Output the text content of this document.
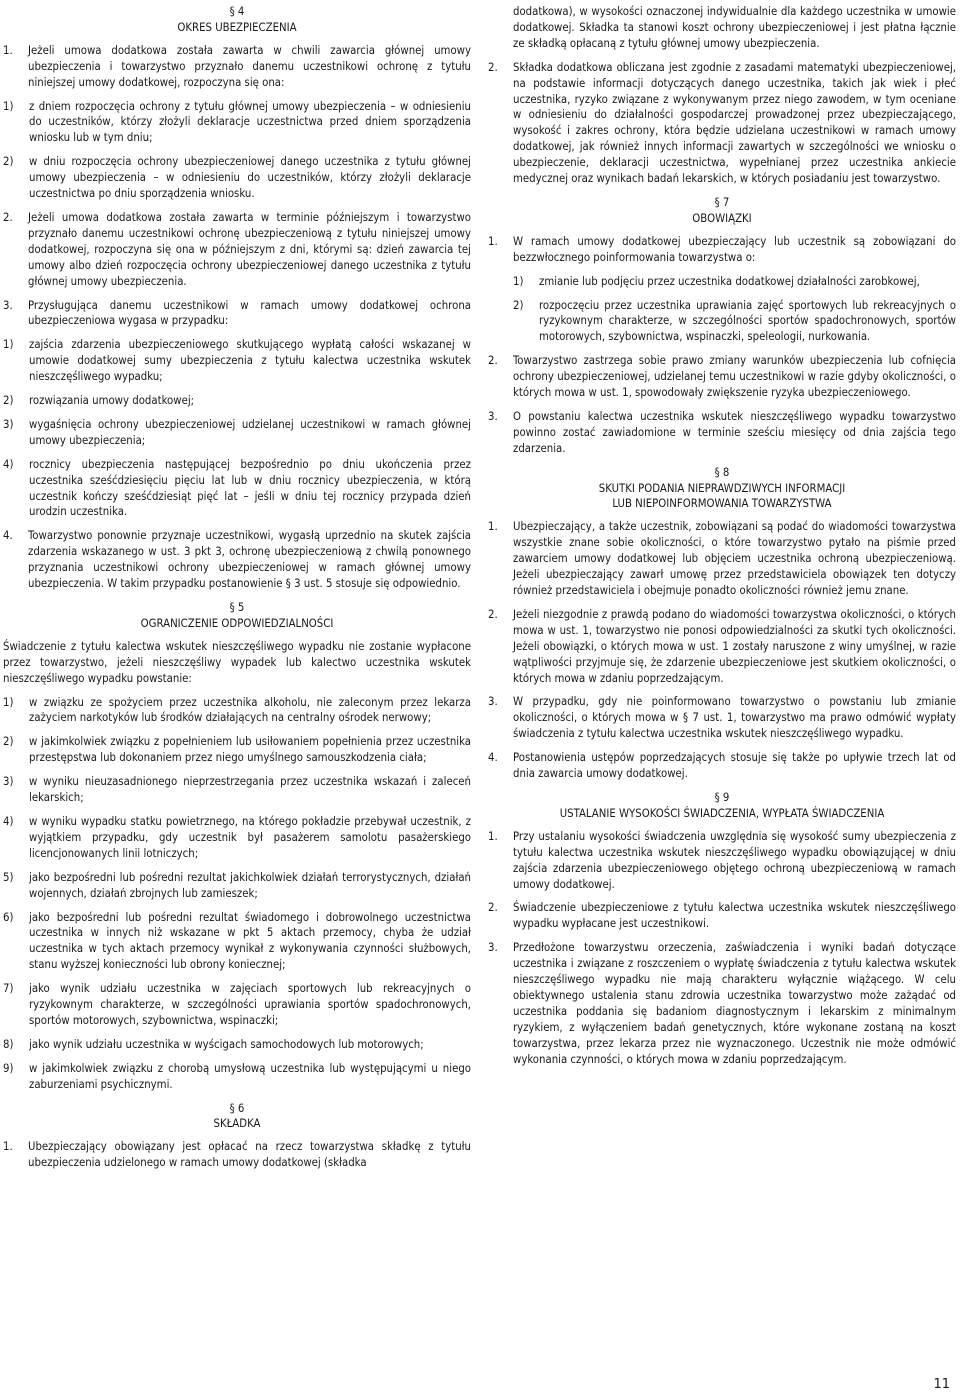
§ 4
OKRES UBEZPIECZENIA
1. Jeżeli umowa dodatkowa została zawarta w chwili zawarcia głównej umowy ubezpieczenia i towarzystwo przyznało danemu uczestnikowi ochronę z tytułu niniejszej umowy dodatkowej, rozpoczyna się ona:
1) z dniem rozpoczęcia ochrony z tytułu głównej umowy ubezpieczenia – w odniesieniu do uczestników, którzy złożyli deklaracje uczestnictwa przed dniem sporządzenia wniosku lub w tym dniu;
2) w dniu rozpoczęcia ochrony ubezpieczeniowej danego uczestnika z tytułu głównej umowy ubezpieczenia – w odniesieniu do uczestników, którzy złożyli deklaracje uczestnictwa po dniu sporządzenia wniosku.
2. Jeżeli umowa dodatkowa została zawarta w terminie późniejszym i towarzystwo przyznało danemu uczestnikowi ochronę ubezpieczeniową z tytułu niniejszej umowy dodatkowej, rozpoczyna się ona w późniejszym z dni, którymi są: dzień zawarcia tej umowy albo dzień rozpoczęcia ochrony ubezpieczeniowej danego uczestnika z tytułu głównej umowy ubezpieczenia.
3. Przysługująca danemu uczestnikowi w ramach umowy dodatkowej ochrona ubezpieczeniowa wygasa w przypadku:
1) zajścia zdarzenia ubezpieczeniowego skutkującego wypłatą całości wskazanej w umowie dodatkowej sumy ubezpieczenia z tytułu kalectwa uczestnika wskutek nieszczęśliwego wypadku;
2) rozwiązania umowy dodatkowej;
3) wygaśnięcia ochrony ubezpieczeniowej udzielanej uczestnikowi w ramach głównej umowy ubezpieczenia;
4) rocznicy ubezpieczenia następującej bezpośrednio po dniu ukończenia przez uczestnika sześćdziesięciu pięciu lat lub w dniu rocznicy ubezpieczenia, w którą uczestnik kończy sześćdziesiąt pięć lat – jeśli w dniu tej rocznicy przypada dzień urodzin uczestnika.
4. Towarzystwo ponownie przyznaje uczestnikowi, wygasłą uprzednio na skutek zajścia zdarzenia wskazanego w ust. 3 pkt 3, ochronę ubezpieczeniową z chwilą ponownego przyznania uczestnikowi ochrony ubezpieczeniowej w ramach głównej umowy ubezpieczenia. W takim przypadku postanowienie § 3 ust. 5 stosuje się odpowiednio.
§ 5
OGRANICZENIE ODPOWIEDZIALNOŚCI
Świadczenie z tytułu kalectwa wskutek nieszczęśliwego wypadku nie zostanie wypłacone przez towarzystwo, jeżeli nieszczęśliwy wypadek lub kalectwo uczestnika wskutek nieszczęśliwego wypadku powstanie:
1) w związku ze spożyciem przez uczestnika alkoholu, nie zaleconym przez lekarza zażyciem narkotyków lub środków działających na centralny ośrodek nerwowy;
2) w jakimkolwiek związku z popełnieniem lub usiłowaniem popełnienia przez uczestnika przestępstwa lub dokonaniem przez niego umyślnego samouszkodzenia ciała;
3) w wyniku nieuzasadnionego nieprzestrzegania przez uczestnika wskazań i zaleceń lekarskich;
4) w wyniku wypadku statku powietrznego, na którego pokładzie przebywał uczestnik, z wyjątkiem przypadku, gdy uczestnik był pasażerem samolotu pasażerskiego licencjonowanych linii lotniczych;
5) jako bezpośredni lub pośredni rezultat jakichkolwiek działań terrorystycznych, działań wojennych, działań zbrojnych lub zamieszek;
6) jako bezpośredni lub pośredni rezultat świadomego i dobrowolnego uczestnictwa uczestnika w innych niż wskazane w pkt 5 aktach przemocy, chyba że udział uczestnika w tych aktach przemocy wynikał z wykonywania czynności służbowych, stanu wyższej konieczności lub obrony koniecznej;
7) jako wynik udziału uczestnika w zajęciach sportowych lub rekreacyjnych o ryzykownym charakterze, w szczególności uprawiania sportów spadochronowych, sportów motorowych, szybownictwa, wspinaczki;
8) jako wynik udziału uczestnika w wyścigach samochodowych lub motorowych;
9) w jakimkolwiek związku z chorobą umysłową uczestnika lub występującymi u niego zaburzeniami psychicznymi.
§ 6
SKŁADKA
1. Ubezpieczający obowiązany jest opłacać na rzecz towarzystwa składkę z tytułu ubezpieczenia udzielonego w ramach umowy dodatkowej (składka
dodatkowa), w wysokości oznaczonej indywidualnie dla każdego uczestnika w umowie dodatkowej. Składka ta stanowi koszt ochrony ubezpieczeniowej i jest płatna łącznie ze składką opłacaną z tytułu głównej umowy ubezpieczenia.
2. Składka dodatkowa obliczana jest zgodnie z zasadami matematyki ubezpieczeniowej, na podstawie informacji dotyczących danego uczestnika, takich jak wiek i płeć uczestnika, ryzyko związane z wykonywanym przez niego zawodem, w tym oceniane w odniesieniu do działalności gospodarczej prowadzonej przez ubezpieczającego, wysokość i zakres ochrony, która będzie udzielana uczestnikowi w ramach umowy dodatkowej, jak również innych informacji zawartych w szczególności we wniosku o ubezpieczenie, deklaracji uczestnictwa, wypełnianej przez uczestnika ankiecie medycznej oraz wynikach badań lekarskich, w których posiadaniu jest towarzystwo.
§ 7
OBOWIĄZKI
1. W ramach umowy dodatkowej ubezpieczający lub uczestnik są zobowiązani do bezzwłocznego poinformowania towarzystwa o:
1) zmianie lub podjęciu przez uczestnika dodatkowej działalności zarobkowej,
2) rozpoczęciu przez uczestnika uprawiania zajęć sportowych lub rekreacyjnych o ryzykownym charakterze, w szczególności sportów spadochronowych, sportów motorowych, szybownictwa, wspinaczki, speleologii, nurkowania.
2. Towarzystwo zastrzega sobie prawo zmiany warunków ubezpieczenia lub cofnięcia ochrony ubezpieczeniowej, udzielanej temu uczestnikowi w razie gdyby okoliczności, o których mowa w ust. 1, spowodowały zwiększenie ryzyka ubezpieczeniowego.
3. O powstaniu kalectwa uczestnika wskutek nieszczęśliwego wypadku towarzystwo powinno zostać zawiadomione w terminie sześciu miesięcy od dnia zajścia tego zdarzenia.
§ 8
SKUTKI PODANIA NIEPRAWDZIWYCH INFORMACJI
LUB NIEPOINFORMOWANIA TOWARZYSTWA
1. Ubezpieczający, a także uczestnik, zobowiązani są podać do wiadomości towarzystwa wszystkie znane sobie okoliczności, o które towarzystwo pytało na piśmie przed zawarciem umowy dodatkowej lub objęciem uczestnika ochroną ubezpieczeniową. Jeżeli ubezpieczający zawarł umowę przez przedstawiciela obowiązek ten dotyczy również przedstawiciela i obejmuje ponadto okoliczności również jemu znane.
2. Jeżeli niezgodnie z prawdą podano do wiadomości towarzystwa okoliczności, o których mowa w ust. 1, towarzystwo nie ponosi odpowiedzialności za skutki tych okoliczności. Jeżeli obowiązki, o których mowa w ust. 1 zostały naruszone z winy umyślnej, w razie wątpliwości przyjmuje się, że zdarzenie ubezpieczeniowe jest skutkiem okoliczności, o których mowa w zdaniu poprzedzającym.
3. W przypadku, gdy nie poinformowano towarzystwo o powstaniu lub zmianie okoliczności, o których mowa w § 7 ust. 1, towarzystwo ma prawo odmówić wypłaty świadczenia z tytułu kalectwa uczestnika wskutek nieszczęśliwego wypadku.
4. Postanowienia ustępów poprzedzających stosuje się także po upływie trzech lat od dnia zawarcia umowy dodatkowej.
§ 9
USTALANIE WYSOKOŚCI ŚWIADCZENIA, WYPŁATA ŚWIADCZENIA
1. Przy ustalaniu wysokości świadczenia uwzględnia się wysokość sumy ubezpieczenia z tytułu kalectwa uczestnika wskutek nieszczęśliwego wypadku obowiązującej w dniu zajścia zdarzenia ubezpieczeniowego objętego ochroną ubezpieczeniową w ramach umowy dodatkowej.
2. Świadczenie ubezpieczeniowe z tytułu kalectwa uczestnika wskutek nieszczęśliwego wypadku wypłacane jest uczestnikowi.
3. Przedłożone towarzystwu orzeczenia, zaświadczenia i wyniki badań dotyczące uczestnika i związane z roszczeniem o wypłatę świadczenia z tytułu kalectwa wskutek nieszczęśliwego wypadku nie mają charakteru wyłącznie wiążącego. W celu obiektywnego ustalenia stanu zdrowia uczestnika towarzystwo może zażądać od uczestnika poddania się badaniom diagnostycznym i lekarskim z minimalnym ryzykiem, z wyłączeniem badań genetycznych, które wykonane zostaną na koszt towarzystwa, przez lekarza przez nie wyznaczonego. Uczestnik nie może odmówić wykonania czynności, o których mowa w zdaniu poprzedzającym.
11
